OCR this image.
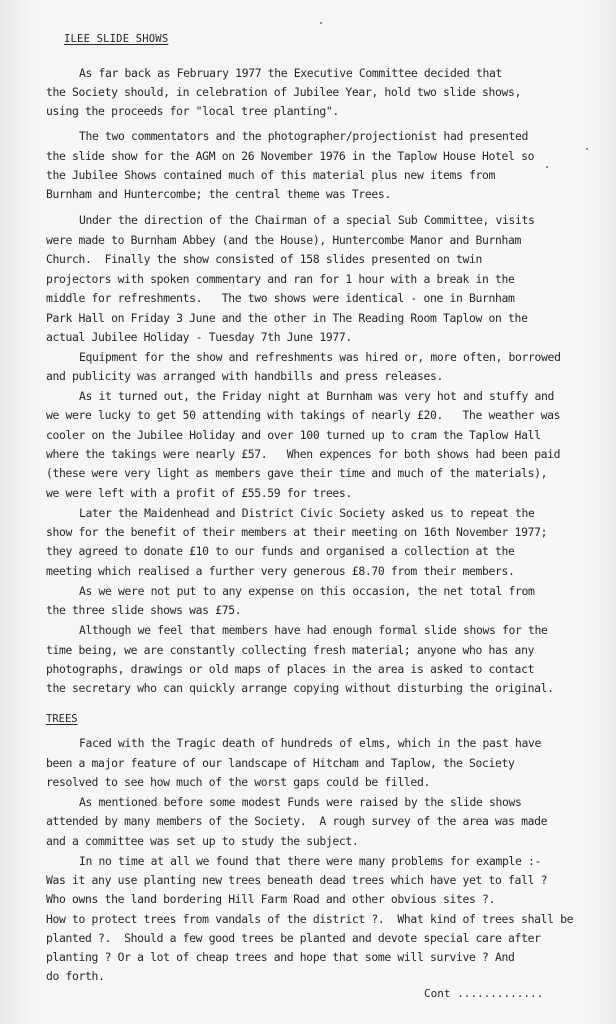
ILEE SLIDE SHOWS
As far back as February 1977 the Executive Committee decided that
the Society should, in celebration of Jubilee Year, hold two slide shows,
using the proceeds for "local tree planting".
The two commentators and the photographer/projectionist had presented
the slide show for the AGM on 26 November 1976 in the Taplow House Hotel so
the Jubilee Shows contained much of this material plus new items from
Burnham and Huntercombe; the central theme was Trees.
Under the direction of the Chairman of a special Sub Committee, visits
were made to Burnham Abbey (and the House), Huntercombe Manor and Burnham
Church.  Finally the show consisted of 158 slides presented on twin
projectors with spoken commentary and ran for 1 hour with a break in the
middle for refreshments.   The two shows were identical - one in Burnham
Park Hall on Friday 3 June and the other in The Reading Room Taplow on the
actual Jubilee Holiday - Tuesday 7th June 1977.
Equipment for the show and refreshments was hired or, more often, borrowed
and publicity was arranged with handbills and press releases.
As it turned out, the Friday night at Burnham was very hot and stuffy and
we were lucky to get 50 attending with takings of nearly £20.   The weather was
cooler on the Jubilee Holiday and over 100 turned up to cram the Taplow Hall
where the takings were nearly £57.   When expences for both shows had been paid
(these were very light as members gave their time and much of the materials),
we were left with a profit of £55.59 for trees.
Later the Maidenhead and District Civic Society asked us to repeat the
show for the benefit of their members at their meeting on 16th November 1977;
they agreed to donate £10 to our funds and organised a collection at the
meeting which realised a further very generous £8.70 from their members.
As we were not put to any expense on this occasion, the net total from
the three slide shows was £75.
Although we feel that members have had enough formal slide shows for the
time being, we are constantly collecting fresh material; anyone who has any
photographs, drawings or old maps of places in the area is asked to contact
the secretary who can quickly arrange copying without disturbing the original.
TREES
Faced with the Tragic death of hundreds of elms, which in the past have
been a major feature of our landscape of Hitcham and Taplow, the Society
resolved to see how much of the worst gaps could be filled.
As mentioned before some modest Funds were raised by the slide shows
attended by many members of the Society.  A rough survey of the area was made
and a committee was set up to study the subject.
In no time at all we found that there were many problems for example :-
Was it any use planting new trees beneath dead trees which have yet to fall ?
Who owns the land bordering Hill Farm Road and other obvious sites ?.
How to protect trees from vandals of the district ?.  What kind of trees shall be
planted ?.  Should a few good trees be planted and devote special care after
planting ? Or a lot of cheap trees and hope that some will survive ? And
do forth.
Cont .............
